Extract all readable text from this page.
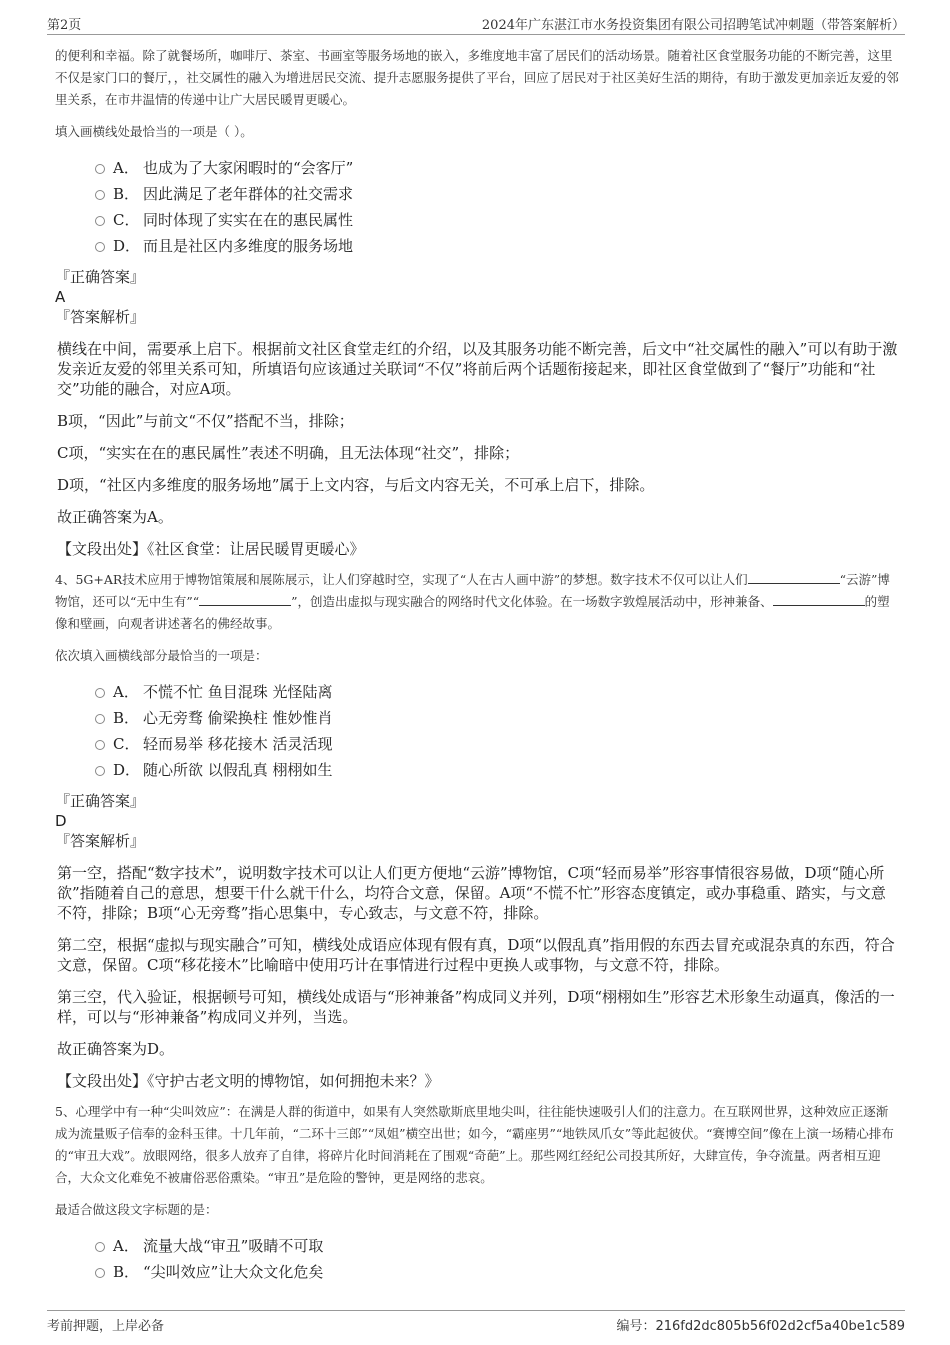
第2页	2024年广东湛江市水务投资集团有限公司招聘笔试冲刺题（带答案解析）

的便利和幸福。除了就餐场所，咖啡厅、茶室、书画室等服务场地的嵌入，多维度地丰富了居民们的活动场景。随着社区食堂服务功能的不断完善，这里不仅是家门口的餐厅，，社交属性的融入为增进居民交流、提升志愿服务提供了平台，回应了居民对于社区美好生活的期待，有助于激发更加亲近友爱的邻里关系，在市井温情的传递中让广大居民暖胃更暖心。

填入画横线处最恰当的一项是（ ）。

A． 也成为了大家闲暇时的“会客厅”
B． 因此满足了老年群体的社交需求
C． 同时体现了实实在在的惠民属性
D． 而且是社区内多维度的服务场地

『正确答案』

A

『答案解析』

横线在中间，需要承上启下。根据前文社区食堂走红的介绍，以及其服务功能不断完善，后文中“社交属性的融入”可以有助于激发亲近友爱的邻里关系可知，所填语句应该通过关联词“不仅”将前后两个话题衔接起来，即社区食堂做到了“餐厅”功能和“社交”功能的融合，对应A项。

B项，“因此”与前文“不仅”搭配不当，排除；

C项，“实实在在的惠民属性”表述不明确，且无法体现“社交”，排除；

D项，“社区内多维度的服务场地”属于上文内容，与后文内容无关，不可承上启下，排除。

故正确答案为A。

【文段出处】《社区食堂：让居民暖胃更暖心》

4、5G+AR技术应用于博物馆策展和展陈展示，让人们穿越时空，实现了“人在古人画中游”的梦想。数字技术不仅可以让人们	“云游”博物馆，还可以“无中生有”“	”，创造出虚拟与现实融合的网络时代文化体验。在一场数字敦煌展活动中，形神兼备、	的塑像和壁画，向观者讲述著名的佛经故事。

依次填入画横线部分最恰当的一项是：

A． 不慌不忙 鱼目混珠 光怪陆离
B． 心无旁骛 偷梁换柱 惟妙惟肖
C． 轻而易举 移花接木 活灵活现
D． 随心所欲 以假乱真 栩栩如生

『正确答案』

D

『答案解析』

第一空，搭配“数字技术”，说明数字技术可以让人们更方便地“云游”博物馆，C项“轻而易举”形容事情很容易做，D项“随心所欲”指随着自己的意思，想要干什么就干什么，均符合文意，保留。A项“不慌不忙”形容态度镇定，或办事稳重、踏实，与文意不符，排除；B项“心无旁骛”指心思集中，专心致志，与文意不符，排除。

第二空，根据“虚拟与现实融合”可知，横线处成语应体现有假有真，D项“以假乱真”指用假的东西去冒充或混杂真的东西，符合文意，保留。C项“移花接木”比喻暗中使用巧计在事情进行过程中更换人或事物，与文意不符，排除。

第三空，代入验证，根据顿号可知，横线处成语与“形神兼备”构成同义并列，D项“栩栩如生”形容艺术形象生动逼真，像活的一样，可以与“形神兼备”构成同义并列，当选。

故正确答案为D。

【文段出处】《守护古老文明的博物馆，如何拥抱未来？》

5、心理学中有一种“尖叫效应”：在满是人群的街道中，如果有人突然歇斯底里地尖叫，往往能快速吸引人们的注意力。在互联网世界，这种效应正逐渐成为流量贩子信奉的金科玉律。十几年前，“二环十三郎”“凤姐”横空出世；如今，“霸座男”“地铁凤爪女”等此起彼伏。“赛博空间”像在上演一场精心排布的“审丑大戏”。放眼网络，很多人放弃了自律，将碎片化时间消耗在了围观“奇葩”上。那些网红经纪公司投其所好，大肆宣传，争夺流量。两者相互迎合，大众文化难免不被庸俗恶俗熏染。“审丑”是危险的警钟，更是网络的悲哀。

最适合做这段文字标题的是：

A． 流量大战“审丑”吸睛不可取
B． “尖叫效应”让大众文化危矣
考前押题，上岸必备	编号：216fd2dc805b56f02d2cf5a40be1c589
